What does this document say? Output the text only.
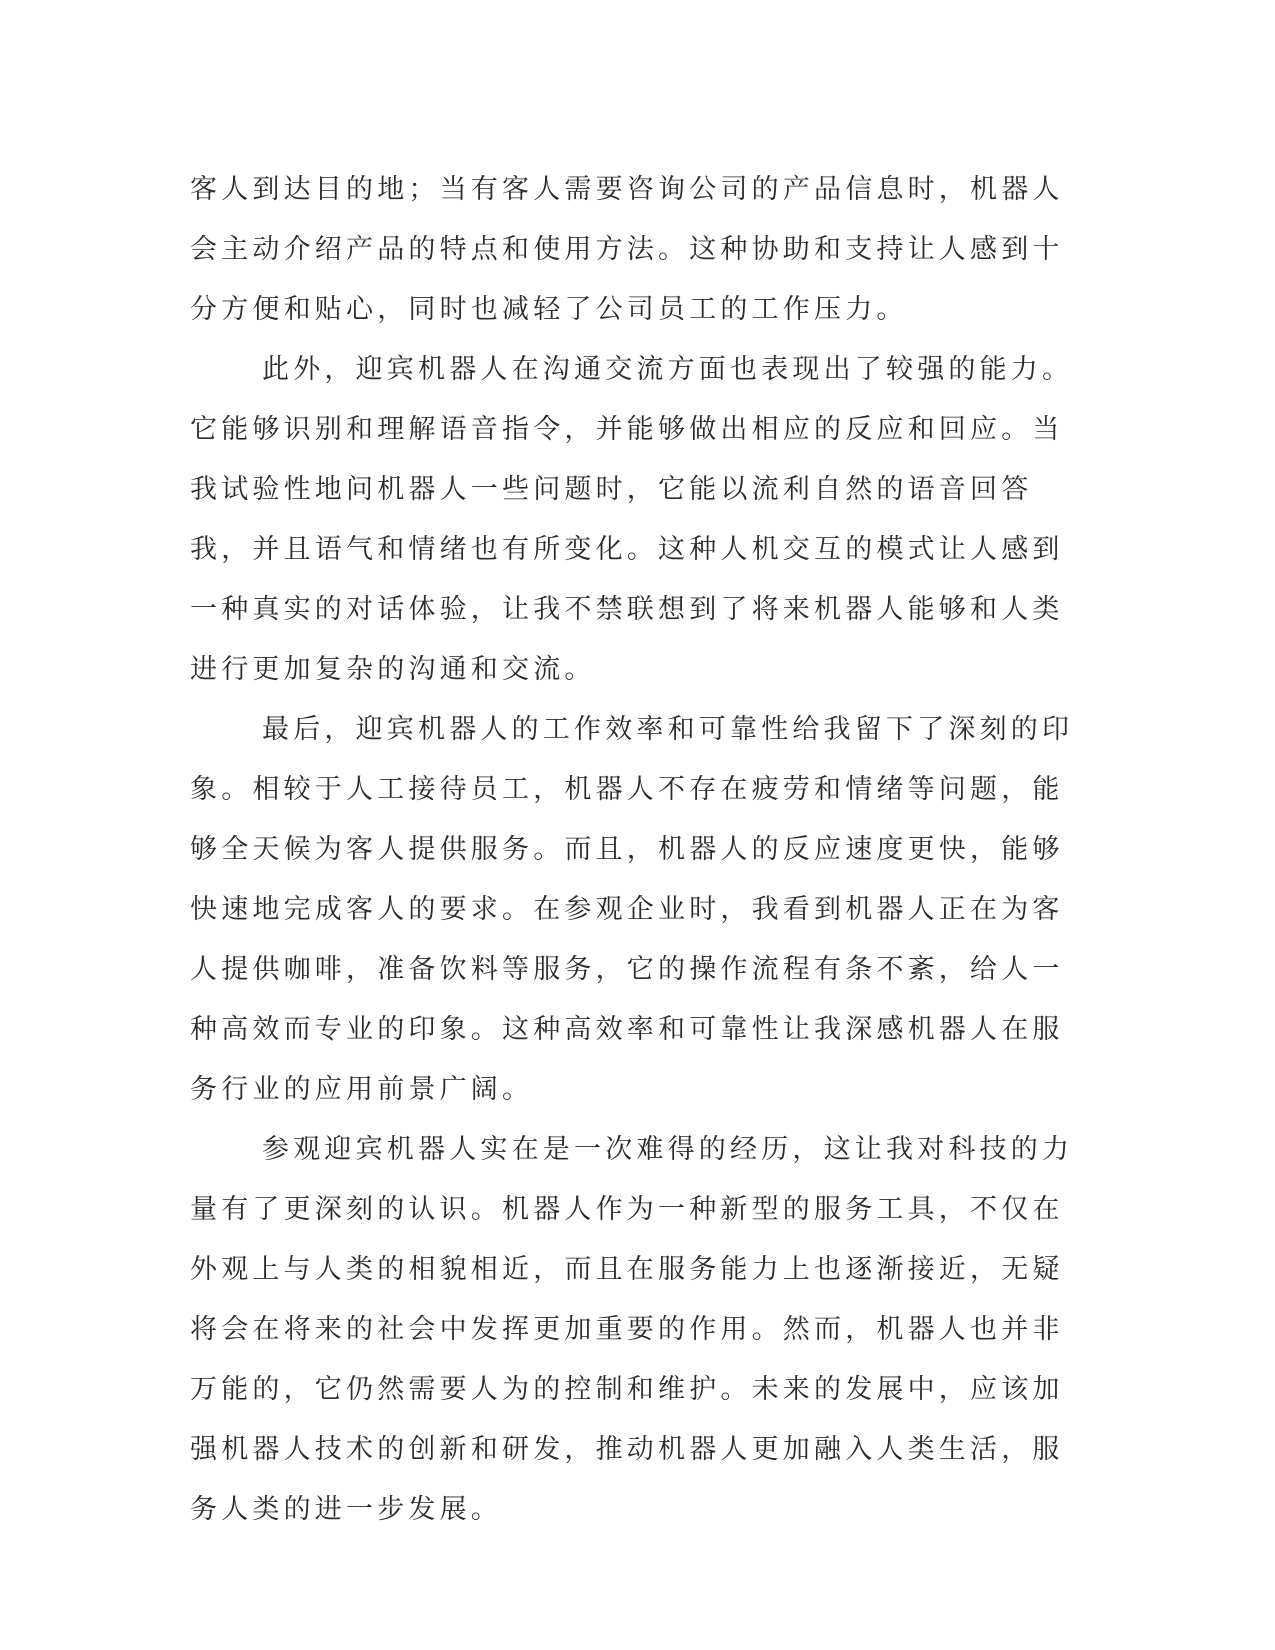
客人到达目的地；当有客人需要咨询公司的产品信息时，机器人会主动介绍产品的特点和使用方法。这种协助和支持让人感到十分方便和贴心，同时也减轻了公司员工的工作压力。

此外，迎宾机器人在沟通交流方面也表现出了较强的能力。它能够识别和理解语音指令，并能够做出相应的反应和回应。当我试验性地问机器人一些问题时，它能以流利自然的语音回答我，并且语气和情绪也有所变化。这种人机交互的模式让人感到一种真实的对话体验，让我不禁联想到了将来机器人能够和人类进行更加复杂的沟通和交流。

最后，迎宾机器人的工作效率和可靠性给我留下了深刻的印象。相较于人工接待员工，机器人不存在疲劳和情绪等问题，能够全天候为客人提供服务。而且，机器人的反应速度更快，能够快速地完成客人的要求。在参观企业时，我看到机器人正在为客人提供咖啡，准备饮料等服务，它的操作流程有条不紊，给人一种高效而专业的印象。这种高效率和可靠性让我深感机器人在服务行业的应用前景广阔。

参观迎宾机器人实在是一次难得的经历，这让我对科技的力量有了更深刻的认识。机器人作为一种新型的服务工具，不仅在外观上与人类的相貌相近，而且在服务能力上也逐渐接近，无疑将会在将来的社会中发挥更加重要的作用。然而，机器人也并非万能的，它仍然需要人为的控制和维护。未来的发展中，应该加强机器人技术的创新和研发，推动机器人更加融入人类生活，服务人类的进一步发展。
